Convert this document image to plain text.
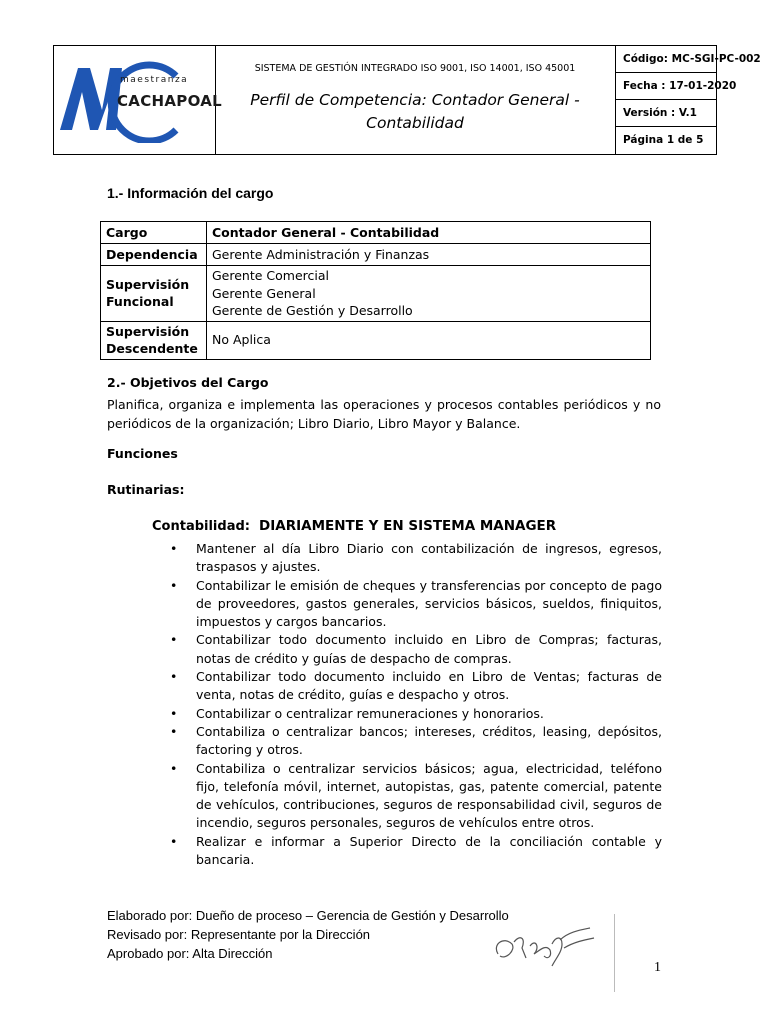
maestranza
CACHAPOAL
SISTEMA DE GESTIÓN INTEGRADO ISO 9001, ISO 14001, ISO 45001
Perfil de Competencia: Contador General - Contabilidad
Código: MC-SGI-PC-002
Fecha : 17-01-2020
Versión : V.1
Página 1 de 5
1.- Información del cargo
Cargo	Contador General - Contabilidad
Dependencia	Gerente Administración y Finanzas
Supervisión Funcional	Gerente Comercial
Gerente General
Gerente de Gestión y Desarrollo

Supervisión Descendente	No Aplica
2.- Objetivos del Cargo
Planifica, organiza e implementa las operaciones y procesos contables periódicos y no periódicos de la organización; Libro Diario, Libro Mayor y Balance.
Funciones
Rutinarias:
Contabilidad: DIARIAMENTE Y EN SISTEMA MANAGER
• Mantener al día Libro Diario con contabilización de ingresos, egresos, traspasos y ajustes.
• Contabilizar le emisión de cheques y transferencias por concepto de pago de proveedores, gastos generales, servicios básicos, sueldos, finiquitos, impuestos y cargos bancarios.
• Contabilizar todo documento incluido en Libro de Compras; facturas, notas de crédito y guías de despacho de compras.
• Contabilizar todo documento incluido en Libro de Ventas; facturas de venta, notas de crédito, guías e despacho y otros.
• Contabilizar o centralizar remuneraciones y honorarios.
• Contabiliza o centralizar bancos; intereses, créditos, leasing, depósitos, factoring y otros.
• Contabiliza o centralizar servicios básicos; agua, electricidad, teléfono fijo, telefonía móvil, internet, autopistas, gas, patente comercial, patente de vehículos, contribuciones, seguros de responsabilidad civil, seguros de incendio, seguros personales, seguros de vehículos entre otros.
• Realizar e informar a Superior Directo de la conciliación contable y bancaria.
Elaborado por: Dueño de proceso – Gerencia de Gestión y Desarrollo
Revisado por: Representante por la Dirección
Aprobado por: Alta Dirección
1
